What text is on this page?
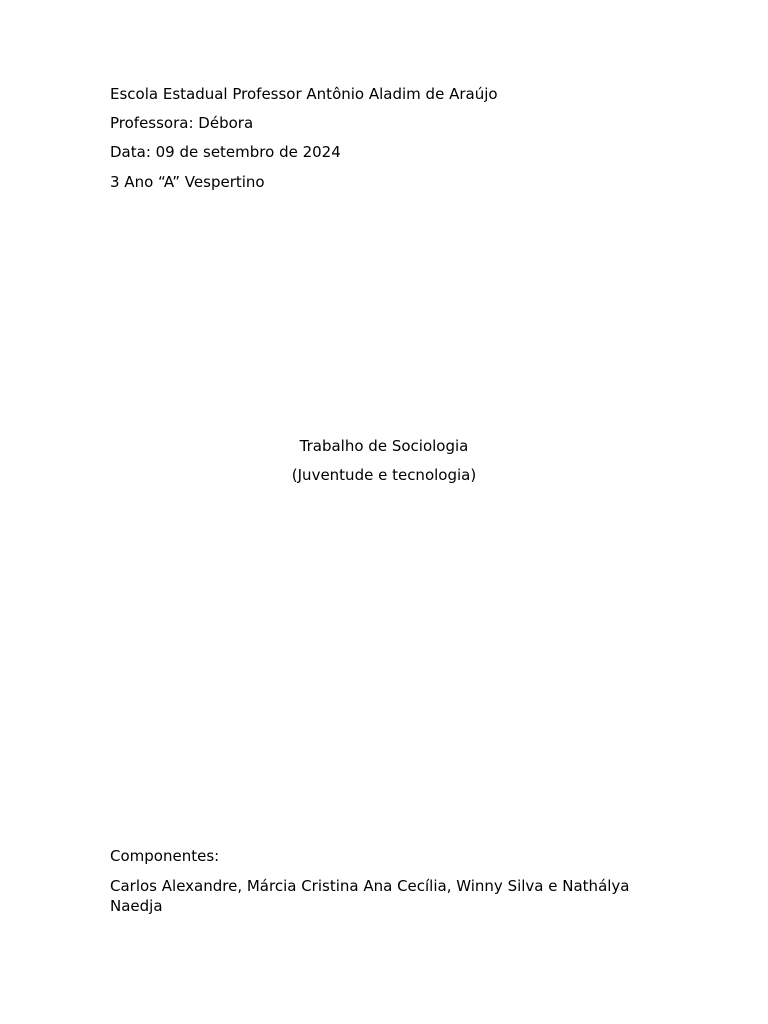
Escola Estadual Professor Antônio Aladim de Araújo
Professora: Débora
Data: 09 de setembro de 2024
3 Ano “A” Vespertino
Trabalho de Sociologia
(Juventude e tecnologia)
Componentes:
Carlos Alexandre, Márcia Cristina Ana Cecília, Winny Silva e Nathálya Naedja
